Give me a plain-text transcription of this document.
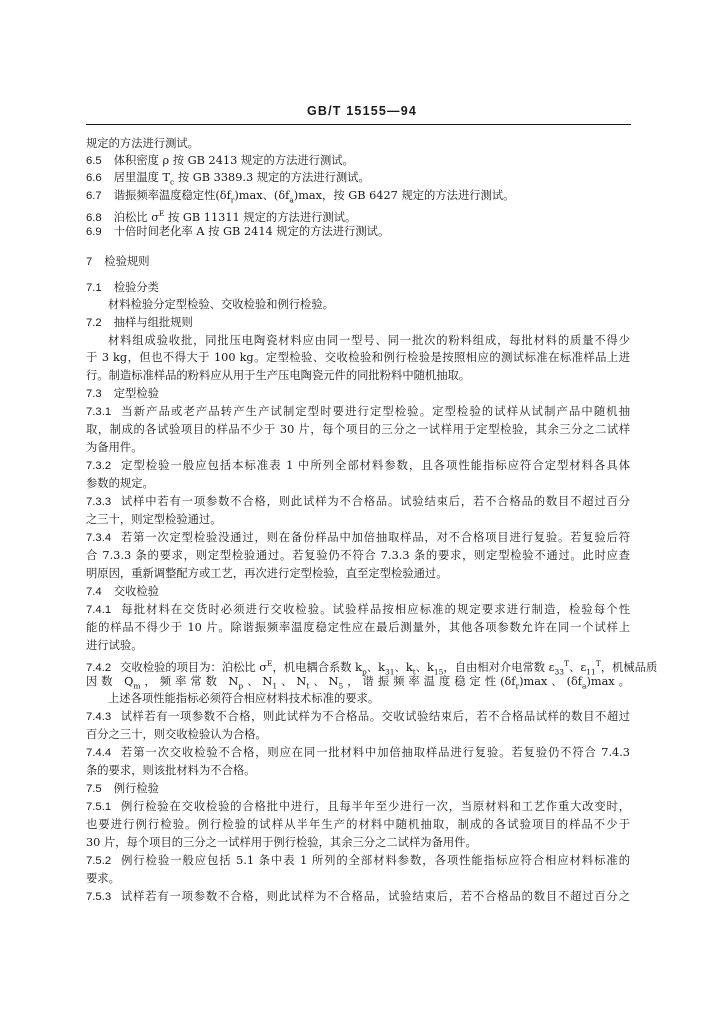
GB/T 15155—94
规定的方法进行测试。
6.5 体积密度 ρ 按 GB 2413 规定的方法进行测试。
6.6 居里温度 $T_c$ 按 GB 3389.3 规定的方法进行测试。
6.7 谐振频率温度稳定性$(\delta f_r)\max$、$(\delta f_a)\max$，按 GB 6427 规定的方法进行测试。
6.8 泊松比 $\sigma^E$ 按 GB 11311 规定的方法进行测试。
6.9 十倍时间老化率 A 按 GB 2414 规定的方法进行测试。
7 检验规则
7.1 检验分类
材料检验分定型检验、交收检验和例行检验。
7.2 抽样与组批规则
材料组成验收批，同批压电陶瓷材料应由同一型号、同一批次的粉料组成，每批材料的质量不得少
于 3 kg，但也不得大于 100 kg。定型检验、交收检验和例行检验是按照相应的测试标准在标准样品上进
行。制造标准样品的粉料应从用于生产压电陶瓷元件的同批粉料中随机抽取。
7.3 定型检验
7.3.1 当新产品或老产品转产生产试制定型时要进行定型检验。定型检验的试样从试制产品中随机抽
取，制成的各试验项目的样品不少于 30 片，每个项目的三分之一试样用于定型检验，其余三分之二试样
为备用件。
7.3.2 定型检验一般应包括本标准表 1 中所列全部材料参数，且各项性能指标应符合定型材料各具体
参数的规定。
7.3.3 试样中若有一项参数不合格，则此试样为不合格品。试验结束后，若不合格品的数目不超过百分
之三十，则定型检验通过。
7.3.4 若第一次定型检验没通过，则在备份样品中加倍抽取样品，对不合格项目进行复验。若复验后符
合 7.3.3 条的要求，则定型检验通过。若复验仍不符合 7.3.3 条的要求，则定型检验不通过。此时应查
明原因，重新调整配方或工艺，再次进行定型检验，直至定型检验通过。
7.4 交收检验
7.4.1 每批材料在交货时必须进行交收检验。试验样品按相应标准的规定要求进行制造，检验每个性
能的样品不得少于 10 片。除谐振频率温度稳定性应在最后测量外，其他各项参数允许在同一个试样上
进行试验。
7.4.2 交收检验的项目为：泊松比 $\sigma^E$，机电耦合系数 $k_p$、$k_{31}$、$k_t$、$k_{15}$，自由相对介电常数 $\varepsilon_{33}^T$、$\varepsilon_{11}^T$，机械品质
因数 $Q_m$，频率常数 $N_p$、$N_1$、$N_t$、$N_5$，谐振频率温度稳定性$(\delta f_r)\max$、$(\delta f_a)\max$。
上述各项性能指标必须符合相应材料技术标准的要求。
7.4.3 试样若有一项参数不合格，则此试样为不合格品。交收试验结束后，若不合格品试样的数目不超过
百分之三十，则交收检验认为合格。
7.4.4 若第一次交收检验不合格，则应在同一批材料中加倍抽取样品进行复验。若复验仍不符合 7.4.3
条的要求，则该批材料为不合格。
7.5 例行检验
7.5.1 例行检验在交收检验的合格批中进行，且每半年至少进行一次，当原材料和工艺作重大改变时，
也要进行例行检验。例行检验的试样从半年生产的材料中随机抽取，制成的各试验项目的样品不少于
30 片，每个项目的三分之一试样用于例行检验，其余三分之二试样为备用件。
7.5.2 例行检验一般应包括 5.1 条中表 1 所列的全部材料参数，各项性能指标应符合相应材料标准的
要求。
7.5.3 试样若有一项参数不合格，则此试样为不合格品，试验结束后，若不合格品的数目不超过百分之
